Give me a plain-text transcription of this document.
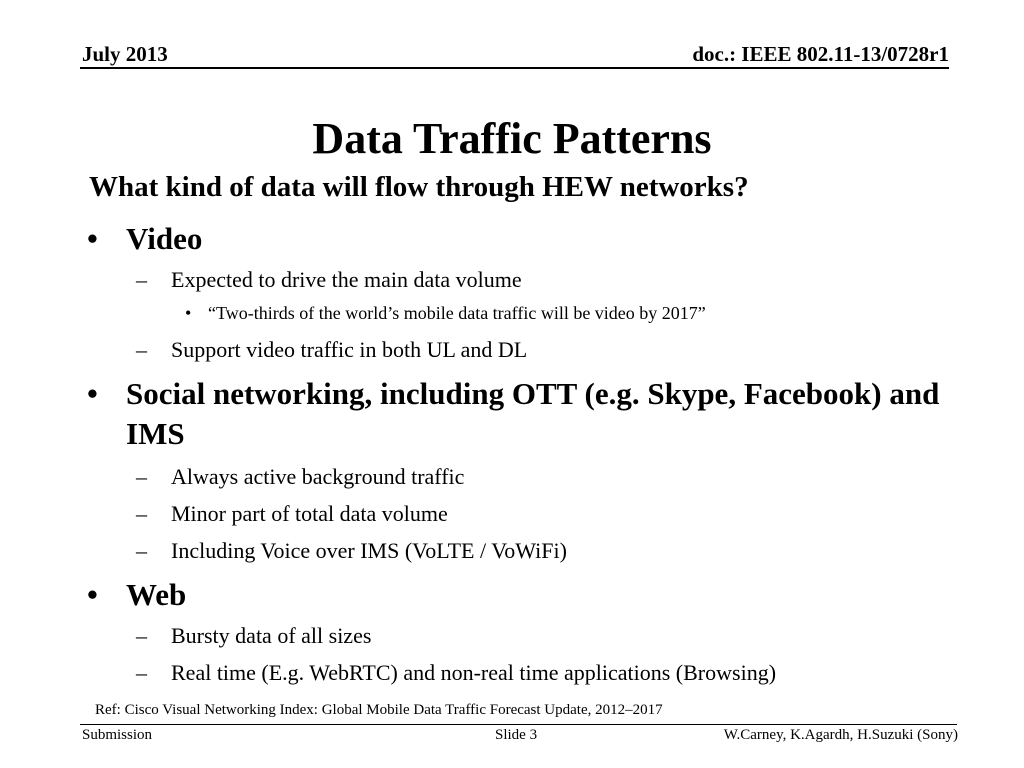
July 2013	doc.: IEEE 802.11-13/0728r1
Data Traffic Patterns
What kind of data will flow through HEW networks?
• Video
– Expected to drive the main data volume
• “Two-thirds of the world’s mobile data traffic will be video by 2017”
– Support video traffic in both UL and DL
• Social networking, including OTT (e.g. Skype, Facebook) and IMS
– Always active background traffic
– Minor part of total data volume
– Including Voice over IMS (VoLTE / VoWiFi)
• Web
– Bursty data of all sizes
– Real time (E.g. WebRTC) and non-real time applications (Browsing)
Ref: Cisco Visual Networking Index: Global Mobile Data Traffic Forecast Update, 2012–2017
Submission	Slide 3	W.Carney, K.Agardh, H.Suzuki (Sony)
